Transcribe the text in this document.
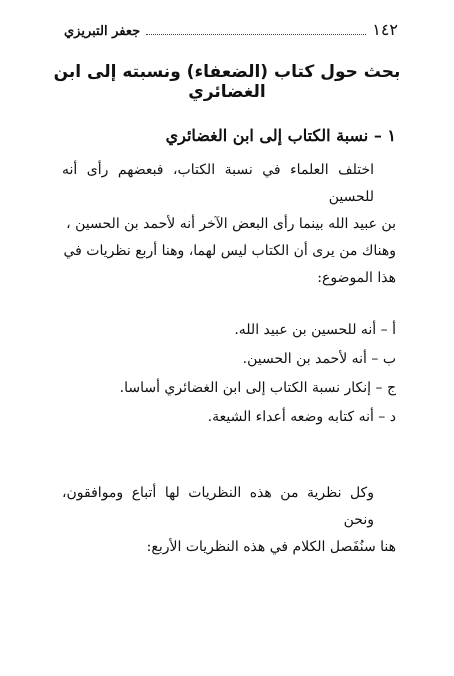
١٤٢
جعفر التبريزي
بحث حول كتاب (الضعفاء) ونسبته إلى ابن الغضائري
١ – نسبة الكتاب إلى ابن الغضائري
اختلف العلماء في نسبة الكتاب، فبعضهم رأى أنه للحسين
بن عبيد الله بينما رأى البعض الآخر أنه لأحمد بن الحسين ،
وهناك من يرى أن الكتاب ليس لهما، وهنا أربع نظريات في
هذا الموضوع:
أ – أنه للحسين بن عبيد الله.
ب – أنه لأحمد بن الحسين.
ج – إنكار نسبة الكتاب إلى ابن الغضائري أساسا.
د – أنه كتابه وضعه أعداء الشيعة.
وكل نظرية من هذه النظريات لها أتباع وموافقون، ونحن
هنا سنُفَصل الكلام في هذه النظريات الأربع:
